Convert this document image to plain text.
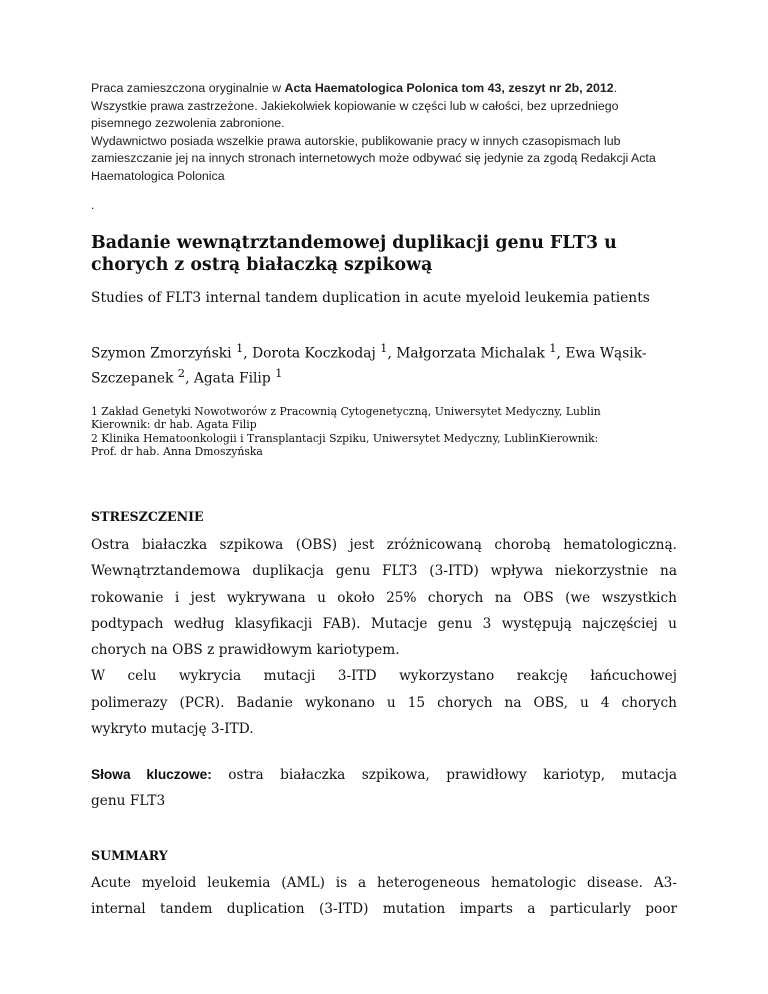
Praca zamieszczona oryginalnie w Acta Haematologica Polonica tom 43, zeszyt nr 2b, 2012.

Wszystkie prawa zastrzeżone. Jakiekolwiek kopiowanie w części lub w całości, bez uprzedniego pisemnego zezwolenia zabronione.

Wydawnictwo posiada wszelkie prawa autorskie, publikowanie pracy w innych czasopismach lub zamieszczanie jej na innych stronach internetowych może odbywać się jedynie za zgodą Redakcji Acta Haematologica Polonica

.
Badanie wewnątrztandemowej duplikacji genu FLT3 u chorych z ostrą białaczką szpikową

Studies of FLT3 internal tandem duplication in acute myeloid leukemia patients

Szymon Zmorzyński $^1$, Dorota Koczkodaj $^1$, Małgorzata Michalak $^1$, Ewa Wąsik-Szczepanek $^2$, Agata Filip $^1$

1 Zakład Genetyki Nowotworów z Pracownią Cytogenetyczną, Uniwersytet Medyczny, Lublin
Kierownik: dr hab. Agata Filip
2 Klinika Hematoonkologii i Transplantacji Szpiku, Uniwersytet Medyczny, LublinKierownik:
Prof. dr hab. Anna Dmoszyńska

STRESZCZENIE
Ostra białaczka szpikowa (OBS) jest zróżnicowaną chorobą hematologiczną.
Wewnątrztandemowa duplikacja genu FLT3 (3-ITD) wpływa niekorzystnie na
rokowanie i jest wykrywana u około 25% chorych na OBS (we wszystkich
podtypach według klasyfikacji FAB). Mutacje genu 3 występują najczęściej u
chorych na OBS z prawidłowym kariotypem.
W celu wykrycia mutacji 3-ITD wykorzystano reakcję łańcuchowej
polimerazy (PCR). Badanie wykonano u 15 chorych na OBS, u 4 chorych
wykryto mutację 3-ITD.
Słowa kluczowe: ostra białaczka szpikowa, prawidłowy kariotyp, mutacja
genu FLT3
SUMMARY
Acute myeloid leukemia (AML) is a heterogeneous hematologic disease. A3-
internal tandem duplication (3-ITD) mutation imparts a particularly poor
